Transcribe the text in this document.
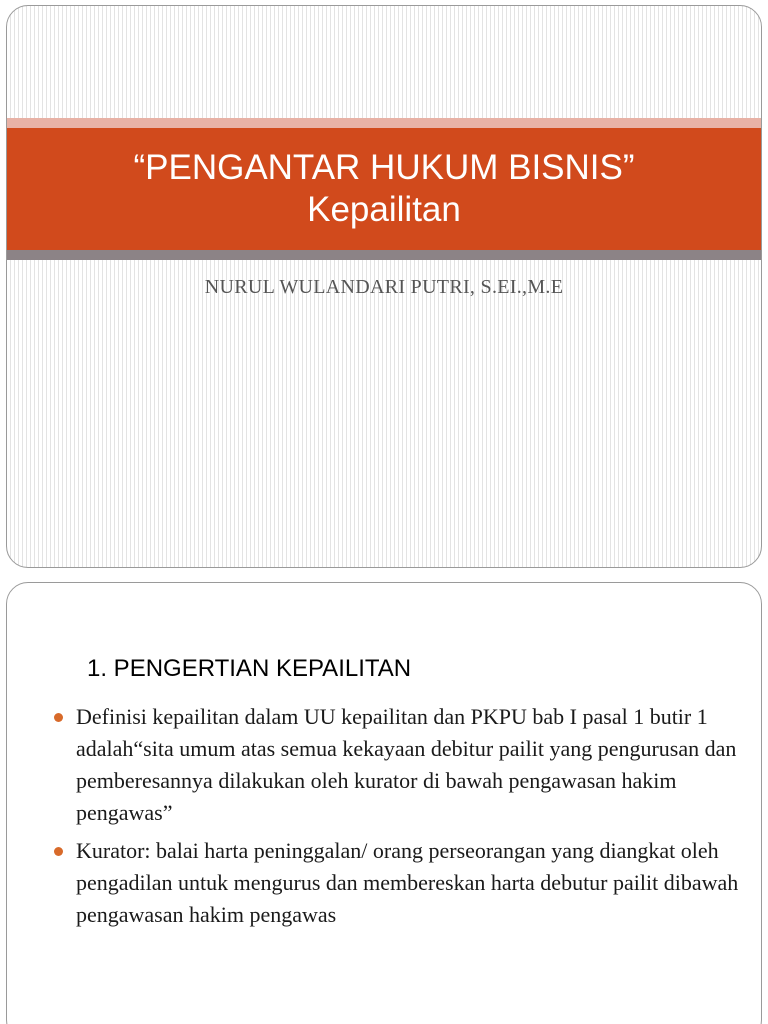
“PENGANTAR HUKUM BISNIS”
Kepailitan
NURUL WULANDARI PUTRI, S.EI.,M.E
1. PENGERTIAN KEPAILITAN
Definisi kepailitan dalam UU kepailitan dan PKPU bab I pasal 1 butir 1 adalah“sita umum atas semua kekayaan debitur pailit yang pengurusan dan pemberesannya dilakukan oleh kurator di bawah pengawasan hakim pengawas”
Kurator: balai harta peninggalan/ orang perseorangan yang diangkat oleh pengadilan untuk mengurus dan membereskan harta debutur pailit dibawah pengawasan hakim pengawas
